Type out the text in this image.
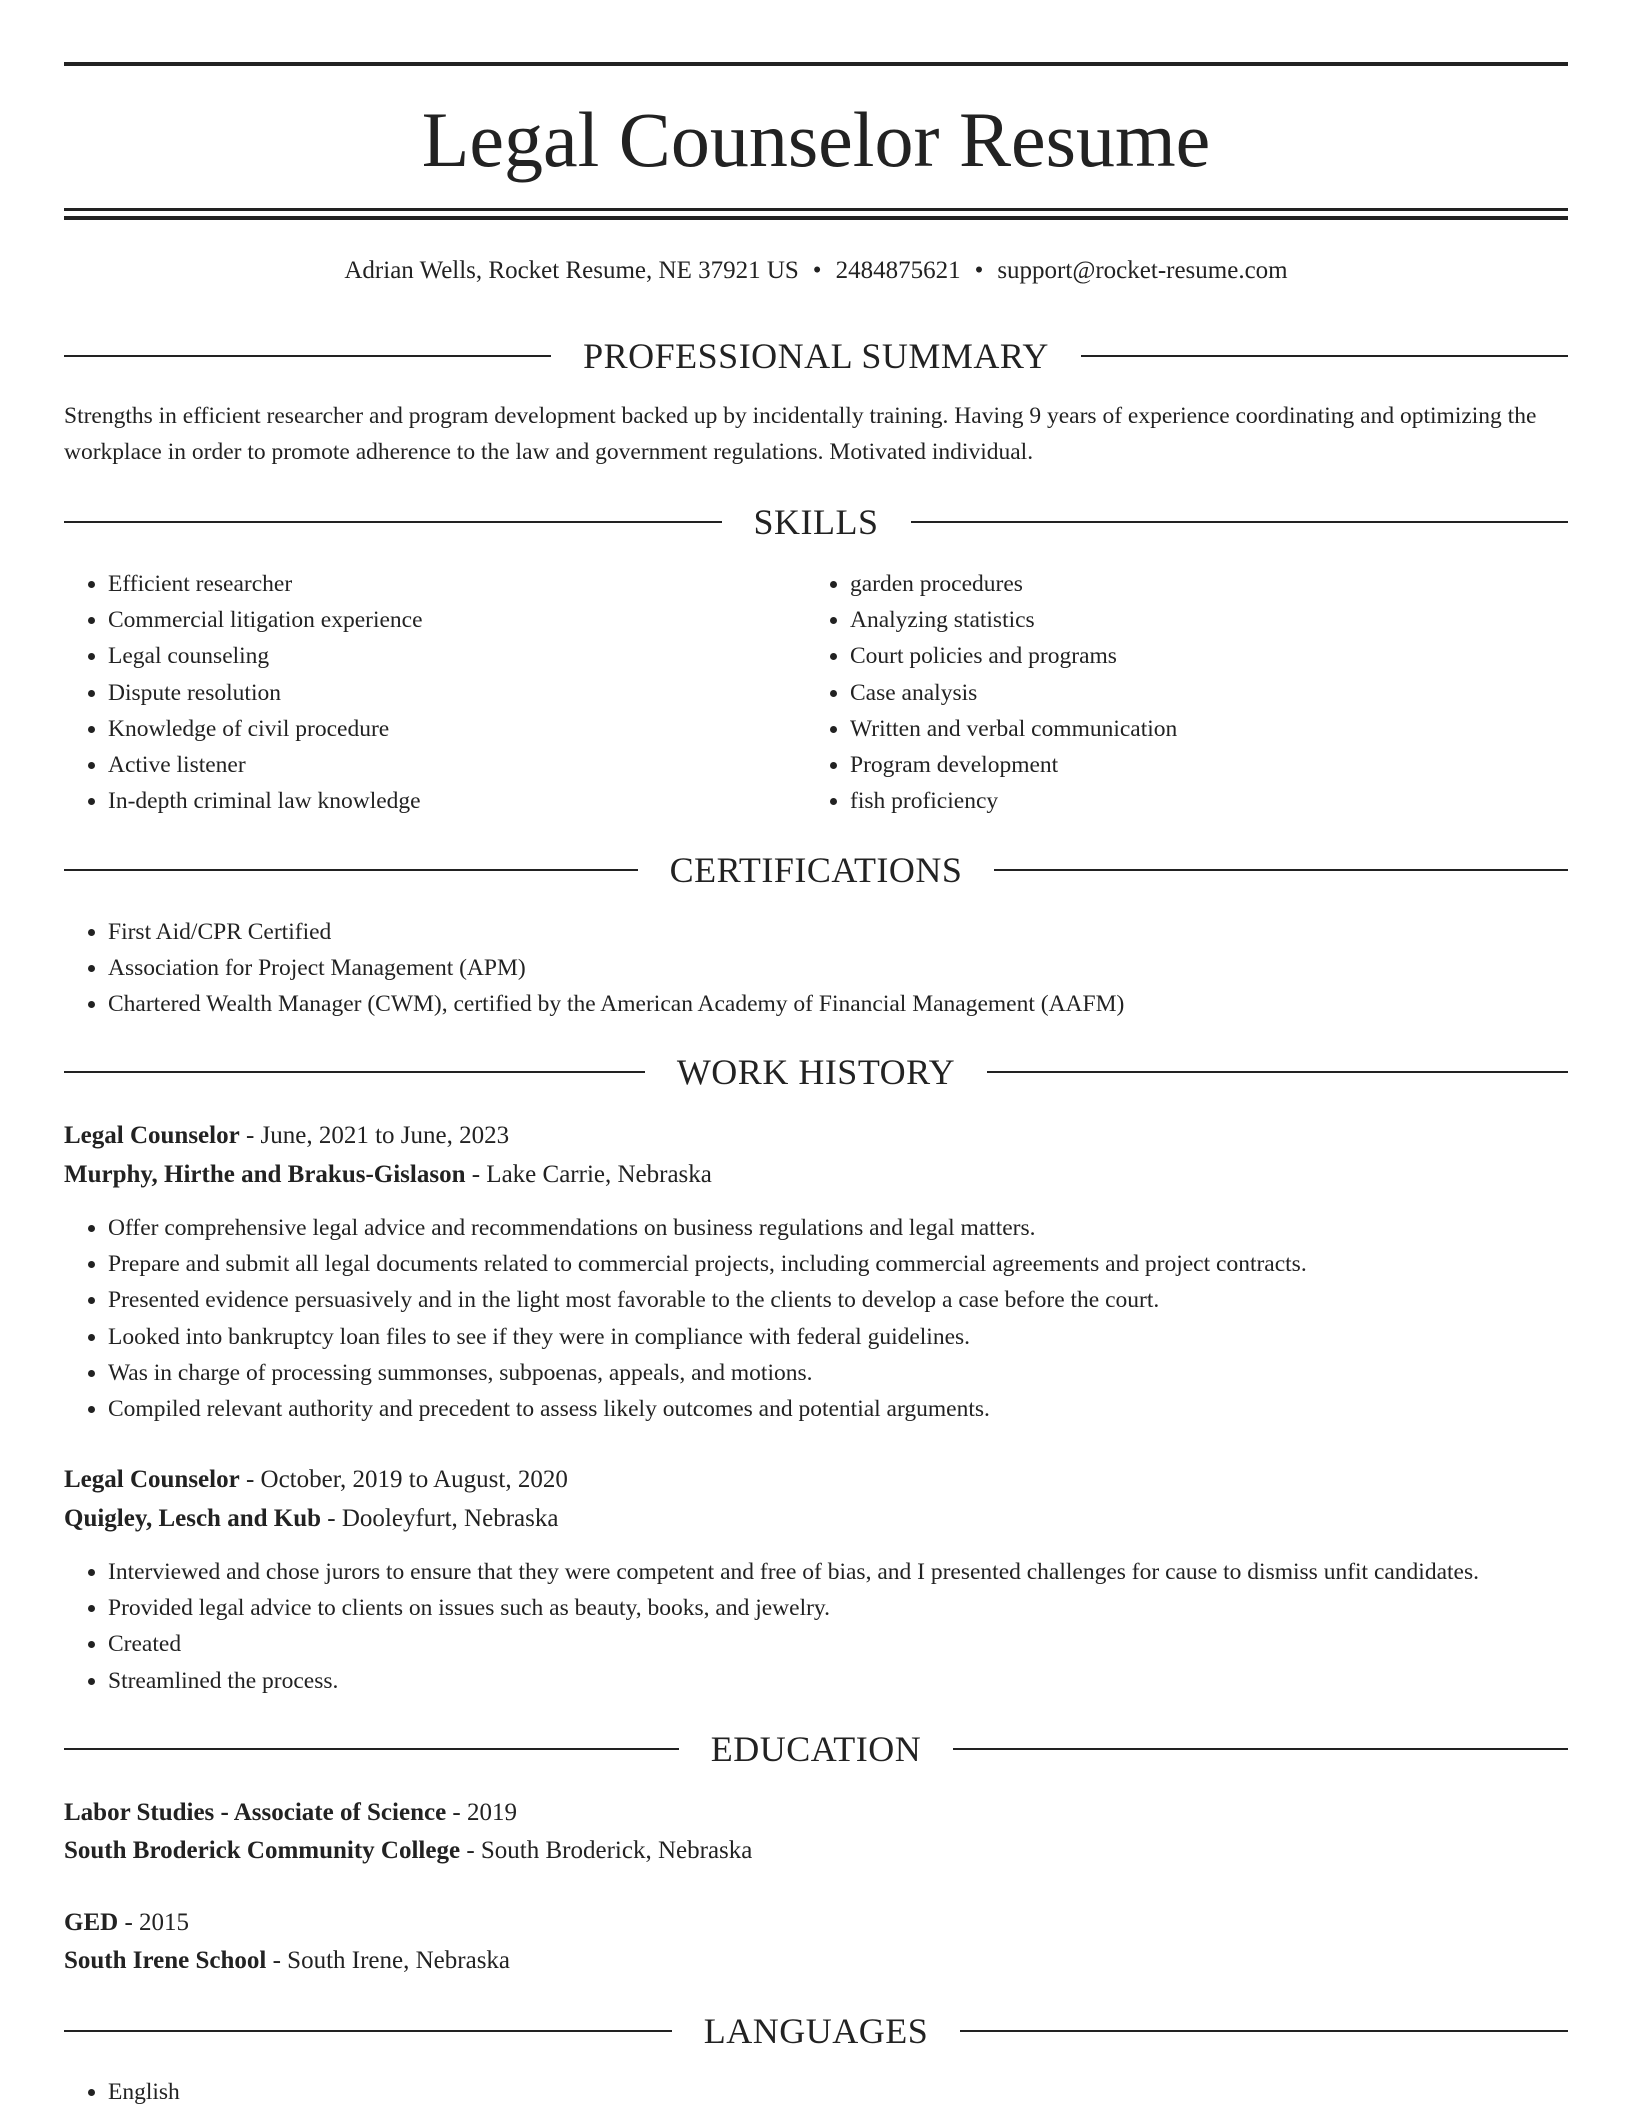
Legal Counselor Resume
Adrian Wells, Rocket Resume, NE 37921 US • 2484875621 • support@rocket-resume.com
PROFESSIONAL SUMMARY

Strengths in efficient researcher and program development backed up by incidentally training. Having 9 years of experience coordinating and optimizing the workplace in order to promote adherence to the law and government regulations. Motivated individual.

SKILLS
• Efficient researcher
• Commercial litigation experience
• Legal counseling
• Dispute resolution
• Knowledge of civil procedure
• Active listener
• In-depth criminal law knowledge
• garden procedures
• Analyzing statistics
• Court policies and programs
• Case analysis
• Written and verbal communication
• Program development
• fish proficiency
CERTIFICATIONS
• First Aid/CPR Certified
• Association for Project Management (APM)
• Chartered Wealth Manager (CWM), certified by the American Academy of Financial Management (AAFM)
WORK HISTORY
Legal Counselor - June, 2021 to June, 2023
Murphy, Hirthe and Brakus-Gislason - Lake Carrie, Nebraska
• Offer comprehensive legal advice and recommendations on business regulations and legal matters.
• Prepare and submit all legal documents related to commercial projects, including commercial agreements and project contracts.
• Presented evidence persuasively and in the light most favorable to the clients to develop a case before the court.
• Looked into bankruptcy loan files to see if they were in compliance with federal guidelines.
• Was in charge of processing summonses, subpoenas, appeals, and motions.
• Compiled relevant authority and precedent to assess likely outcomes and potential arguments.
Legal Counselor - October, 2019 to August, 2020
Quigley, Lesch and Kub - Dooleyfurt, Nebraska
• Interviewed and chose jurors to ensure that they were competent and free of bias, and I presented challenges for cause to dismiss unfit candidates.
• Provided legal advice to clients on issues such as beauty, books, and jewelry.
• Created
• Streamlined the process.
EDUCATION
Labor Studies - Associate of Science - 2019
South Broderick Community College - South Broderick, Nebraska
GED - 2015
South Irene School - South Irene, Nebraska
LANGUAGES
• English
